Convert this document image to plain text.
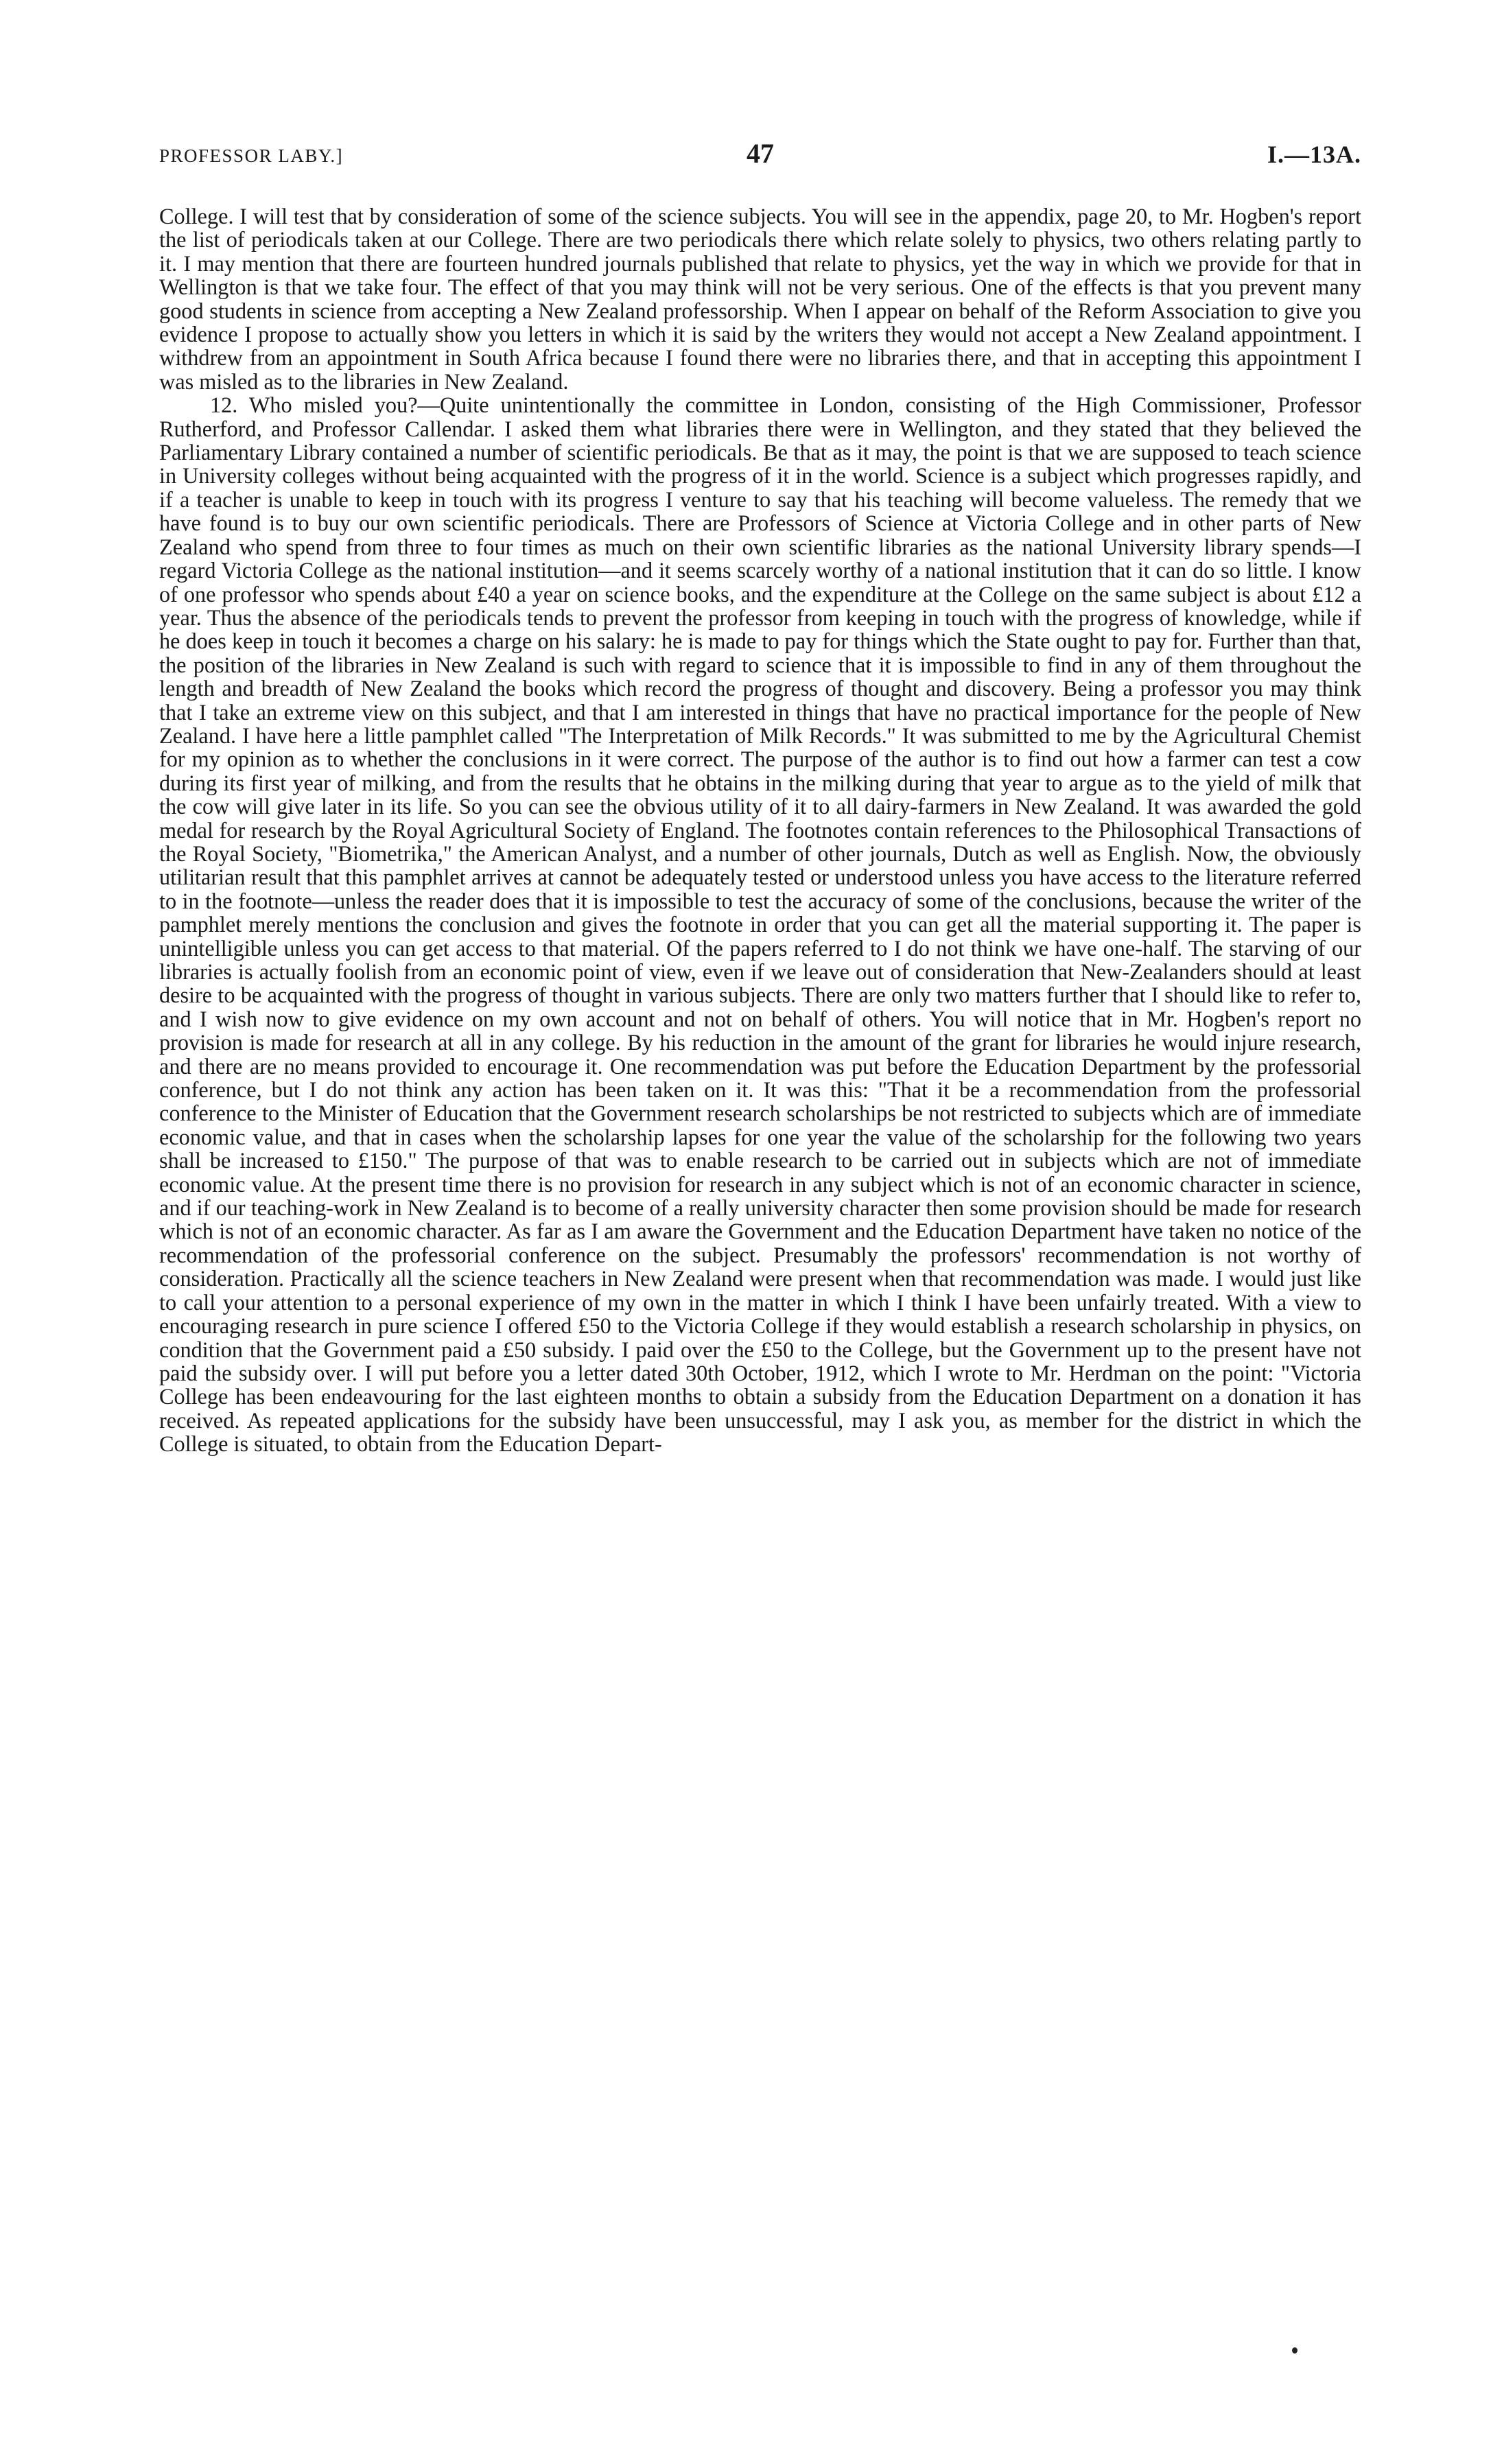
PROFESSOR LABY.]	47	I.—13A.

College. I will test that by consideration of some of the science subjects. You will see in the appendix, page 20, to Mr. Hogben's report the list of periodicals taken at our College. There are two periodicals there which relate solely to physics, two others relating partly to it. I may mention that there are fourteen hundred journals published that relate to physics, yet the way in which we provide for that in Wellington is that we take four. The effect of that you may think will not be very serious. One of the effects is that you prevent many good students in science from accepting a New Zealand professorship. When I appear on behalf of the Reform Association to give you evidence I propose to actually show you letters in which it is said by the writers they would not accept a New Zealand appointment. I withdrew from an appointment in South Africa because I found there were no libraries there, and that in accepting this appointment I was misled as to the libraries in New Zealand.

12. Who misled you?—Quite unintentionally the committee in London, consisting of the High Commissioner, Professor Rutherford, and Professor Callendar. I asked them what libraries there were in Wellington, and they stated that they believed the Parliamentary Library contained a number of scientific periodicals. Be that as it may, the point is that we are supposed to teach science in University colleges without being acquainted with the progress of it in the world. Science is a subject which progresses rapidly, and if a teacher is unable to keep in touch with its progress I venture to say that his teaching will become valueless. The remedy that we have found is to buy our own scientific periodicals. There are Professors of Science at Victoria College and in other parts of New Zealand who spend from three to four times as much on their own scientific libraries as the national University library spends—I regard Victoria College as the national institution—and it seems scarcely worthy of a national institution that it can do so little. I know of one professor who spends about £40 a year on science books, and the expenditure at the College on the same subject is about £12 a year. Thus the absence of the periodicals tends to prevent the professor from keeping in touch with the progress of knowledge, while if he does keep in touch it becomes a charge on his salary: he is made to pay for things which the State ought to pay for. Further than that, the position of the libraries in New Zealand is such with regard to science that it is impossible to find in any of them throughout the length and breadth of New Zealand the books which record the progress of thought and discovery. Being a professor you may think that I take an extreme view on this subject, and that I am interested in things that have no practical importance for the people of New Zealand. I have here a little pamphlet called "The Interpretation of Milk Records." It was submitted to me by the Agricultural Chemist for my opinion as to whether the conclusions in it were correct. The purpose of the author is to find out how a farmer can test a cow during its first year of milking, and from the results that he obtains in the milking during that year to argue as to the yield of milk that the cow will give later in its life. So you can see the obvious utility of it to all dairy-farmers in New Zealand. It was awarded the gold medal for research by the Royal Agricultural Society of England. The footnotes contain references to the Philosophical Transactions of the Royal Society, "Biometrika," the American Analyst, and a number of other journals, Dutch as well as English. Now, the obviously utilitarian result that this pamphlet arrives at cannot be adequately tested or understood unless you have access to the literature referred to in the footnote—unless the reader does that it is impossible to test the accuracy of some of the conclusions, because the writer of the pamphlet merely mentions the conclusion and gives the footnote in order that you can get all the material supporting it. The paper is unintelligible unless you can get access to that material. Of the papers referred to I do not think we have one-half. The starving of our libraries is actually foolish from an economic point of view, even if we leave out of consideration that New-Zealanders should at least desire to be acquainted with the progress of thought in various subjects. There are only two matters further that I should like to refer to, and I wish now to give evidence on my own account and not on behalf of others. You will notice that in Mr. Hogben's report no provision is made for research at all in any college. By his reduction in the amount of the grant for libraries he would injure research, and there are no means provided to encourage it. One recommendation was put before the Education Department by the professorial conference, but I do not think any action has been taken on it. It was this: "That it be a recommendation from the professorial conference to the Minister of Education that the Government research scholarships be not restricted to subjects which are of immediate economic value, and that in cases when the scholarship lapses for one year the value of the scholarship for the following two years shall be increased to £150." The purpose of that was to enable research to be carried out in subjects which are not of immediate economic value. At the present time there is no provision for research in any subject which is not of an economic character in science, and if our teaching-work in New Zealand is to become of a really university character then some provision should be made for research which is not of an economic character. As far as I am aware the Government and the Education Department have taken no notice of the recommendation of the professorial conference on the subject. Presumably the professors' recommendation is not worthy of consideration. Practically all the science teachers in New Zealand were present when that recommendation was made. I would just like to call your attention to a personal experience of my own in the matter in which I think I have been unfairly treated. With a view to encouraging research in pure science I offered £50 to the Victoria College if they would establish a research scholarship in physics, on condition that the Government paid a £50 subsidy. I paid over the £50 to the College, but the Government up to the present have not paid the subsidy over. I will put before you a letter dated 30th October, 1912, which I wrote to Mr. Herdman on the point: "Victoria College has been endeavouring for the last eighteen months to obtain a subsidy from the Education Department on a donation it has received. As repeated applications for the subsidy have been unsuccessful, may I ask you, as member for the district in which the College is situated, to obtain from the Education Depart-
